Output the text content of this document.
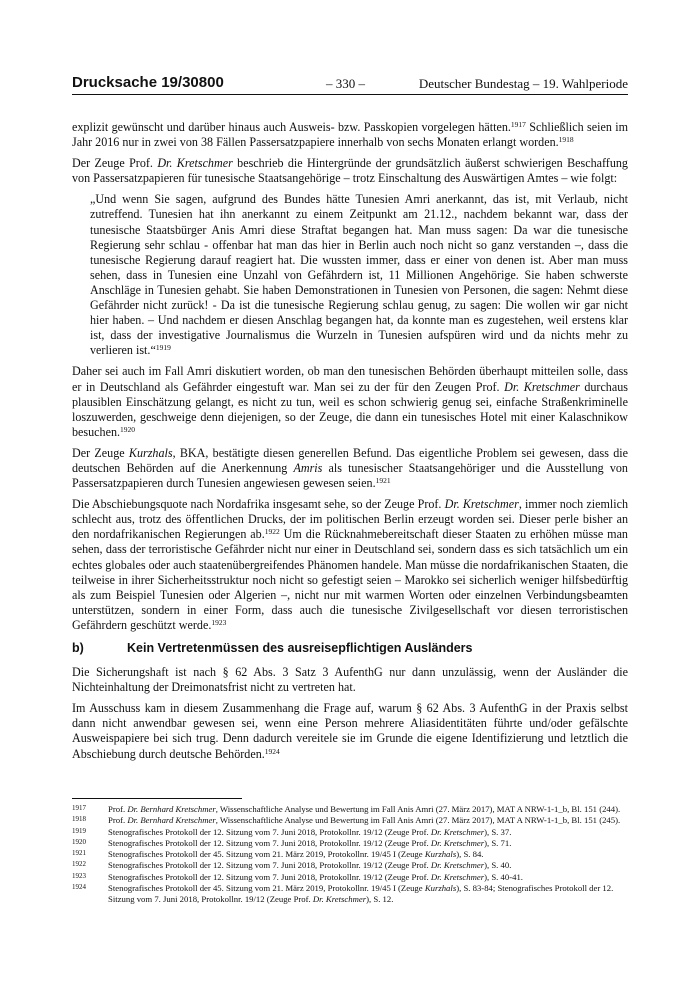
Drucksache 19/30800	– 330 –	Deutscher Bundestag – 19. Wahlperiode

explizit gewünscht und darüber hinaus auch Ausweis- bzw. Passkopien vorgelegen hätten.$^{1917}$ Schließlich seien im Jahr 2016 nur in zwei von 38 Fällen Passersatzpapiere innerhalb von sechs Monaten erlangt worden.$^{1918}$

Der Zeuge Prof. Dr. Kretschmer beschrieb die Hintergründe der grundsätzlich äußerst schwierigen Beschaffung von Passersatzpapieren für tunesische Staatsangehörige – trotz Einschaltung des Auswärtigen Amtes – wie folgt:

„Und wenn Sie sagen, aufgrund des Bundes hätte Tunesien Amri anerkannt, das ist, mit Verlaub, nicht zutreffend. Tunesien hat ihn anerkannt zu einem Zeitpunkt am 21.12., nachdem bekannt war, dass der tunesische Staatsbürger Anis Amri diese Straftat begangen hat. Man muss sagen: Da war die tunesische Regierung sehr schlau - offenbar hat man das hier in Berlin auch noch nicht so ganz verstanden –, dass die tunesische Regierung darauf reagiert hat. Die wussten immer, dass er einer von denen ist. Aber man muss sehen, dass in Tunesien eine Unzahl von Gefährdern ist, 11 Millionen Angehörige. Sie haben schwerste Anschläge in Tunesien gehabt. Sie haben Demonstrationen in Tunesien von Personen, die sagen: Nehmt diese Gefährder nicht zurück! - Da ist die tunesische Regierung schlau genug, zu sagen: Die wollen wir gar nicht hier haben. – Und nachdem er diesen Anschlag begangen hat, da konnte man es zugestehen, weil erstens klar ist, dass der investigative Journalismus die Wurzeln in Tunesien aufspüren wird und da nichts mehr zu verlieren ist.“$^{1919}$

Daher sei auch im Fall Amri diskutiert worden, ob man den tunesischen Behörden überhaupt mitteilen solle, dass er in Deutschland als Gefährder eingestuft war. Man sei zu der für den Zeugen Prof. Dr. Kretschmer durchaus plausiblen Einschätzung gelangt, es nicht zu tun, weil es schon schwierig genug sei, einfache Straßenkriminelle loszuwerden, geschweige denn diejenigen, so der Zeuge, die dann ein tunesisches Hotel mit einer Kalaschnikow besuchen.$^{1920}$

Der Zeuge Kurzhals, BKA, bestätigte diesen generellen Befund. Das eigentliche Problem sei gewesen, dass die deutschen Behörden auf die Anerkennung Amris als tunesischer Staatsangehöriger und die Ausstellung von Passersatzpapieren durch Tunesien angewiesen gewesen seien.$^{1921}$

Die Abschiebungsquote nach Nordafrika insgesamt sehe, so der Zeuge Prof. Dr. Kretschmer, immer noch ziemlich schlecht aus, trotz des öffentlichen Drucks, der im politischen Berlin erzeugt worden sei. Dieser perle bisher an den nordafrikanischen Regierungen ab.$^{1922}$ Um die Rücknahmebereitschaft dieser Staaten zu erhöhen müsse man sehen, dass der terroristische Gefährder nicht nur einer in Deutschland sei, sondern dass es sich tatsächlich um ein echtes globales oder auch staatenübergreifendes Phänomen handele. Man müsse die nordafrikanischen Staaten, die teilweise in ihrer Sicherheitsstruktur noch nicht so gefestigt seien – Marokko sei sicherlich weniger hilfsbedürftig als zum Beispiel Tunesien oder Algerien –, nicht nur mit warmen Worten oder einzelnen Verbindungsbeamten unterstützen, sondern in einer Form, dass auch die tunesische Zivilgesellschaft vor diesen terroristischen Gefährdern geschützt werde.$^{1923}$

b)	Kein Vertretenmüssen des ausreisepflichtigen Ausländers

Die Sicherungshaft ist nach § 62 Abs. 3 Satz 3 AufenthG nur dann unzulässig, wenn der Ausländer die Nichteinhaltung der Dreimonatsfrist nicht zu vertreten hat.

Im Ausschuss kam in diesem Zusammenhang die Frage auf, warum § 62 Abs. 3 AufenthG in der Praxis selbst dann nicht anwendbar gewesen sei, wenn eine Person mehrere Aliasidentitäten führte und/oder gefälschte Ausweispapiere bei sich trug. Denn dadurch vereitele sie im Grunde die eigene Identifizierung und letztlich die Abschiebung durch deutsche Behörden.$^{1924}$

1917	Prof. Dr. Bernhard Kretschmer, Wissenschaftliche Analyse und Bewertung im Fall Anis Amri (27. März 2017), MAT A NRW-1-1_b, Bl. 151 (244).
1918	Prof. Dr. Bernhard Kretschmer, Wissenschaftliche Analyse und Bewertung im Fall Anis Amri (27. März 2017), MAT A NRW-1-1_b, Bl. 151 (245).
1919	Stenografisches Protokoll der 12. Sitzung vom 7. Juni 2018, Protokollnr. 19/12 (Zeuge Prof. Dr. Kretschmer), S. 37.
1920	Stenografisches Protokoll der 12. Sitzung vom 7. Juni 2018, Protokollnr. 19/12 (Zeuge Prof. Dr. Kretschmer), S. 71.
1921	Stenografisches Protokoll der 45. Sitzung vom 21. März 2019, Protokollnr. 19/45 I (Zeuge Kurzhals), S. 84.
1922	Stenografisches Protokoll der 12. Sitzung vom 7. Juni 2018, Protokollnr. 19/12 (Zeuge Prof. Dr. Kretschmer), S. 40.
1923	Stenografisches Protokoll der 12. Sitzung vom 7. Juni 2018, Protokollnr. 19/12 (Zeuge Prof. Dr. Kretschmer), S. 40-41.
1924	Stenografisches Protokoll der 45. Sitzung vom 21. März 2019, Protokollnr. 19/45 I (Zeuge Kurzhals), S. 83-84; Stenografisches Protokoll der 12. Sitzung vom 7. Juni 2018, Protokollnr. 19/12 (Zeuge Prof. Dr. Kretschmer), S. 12.
